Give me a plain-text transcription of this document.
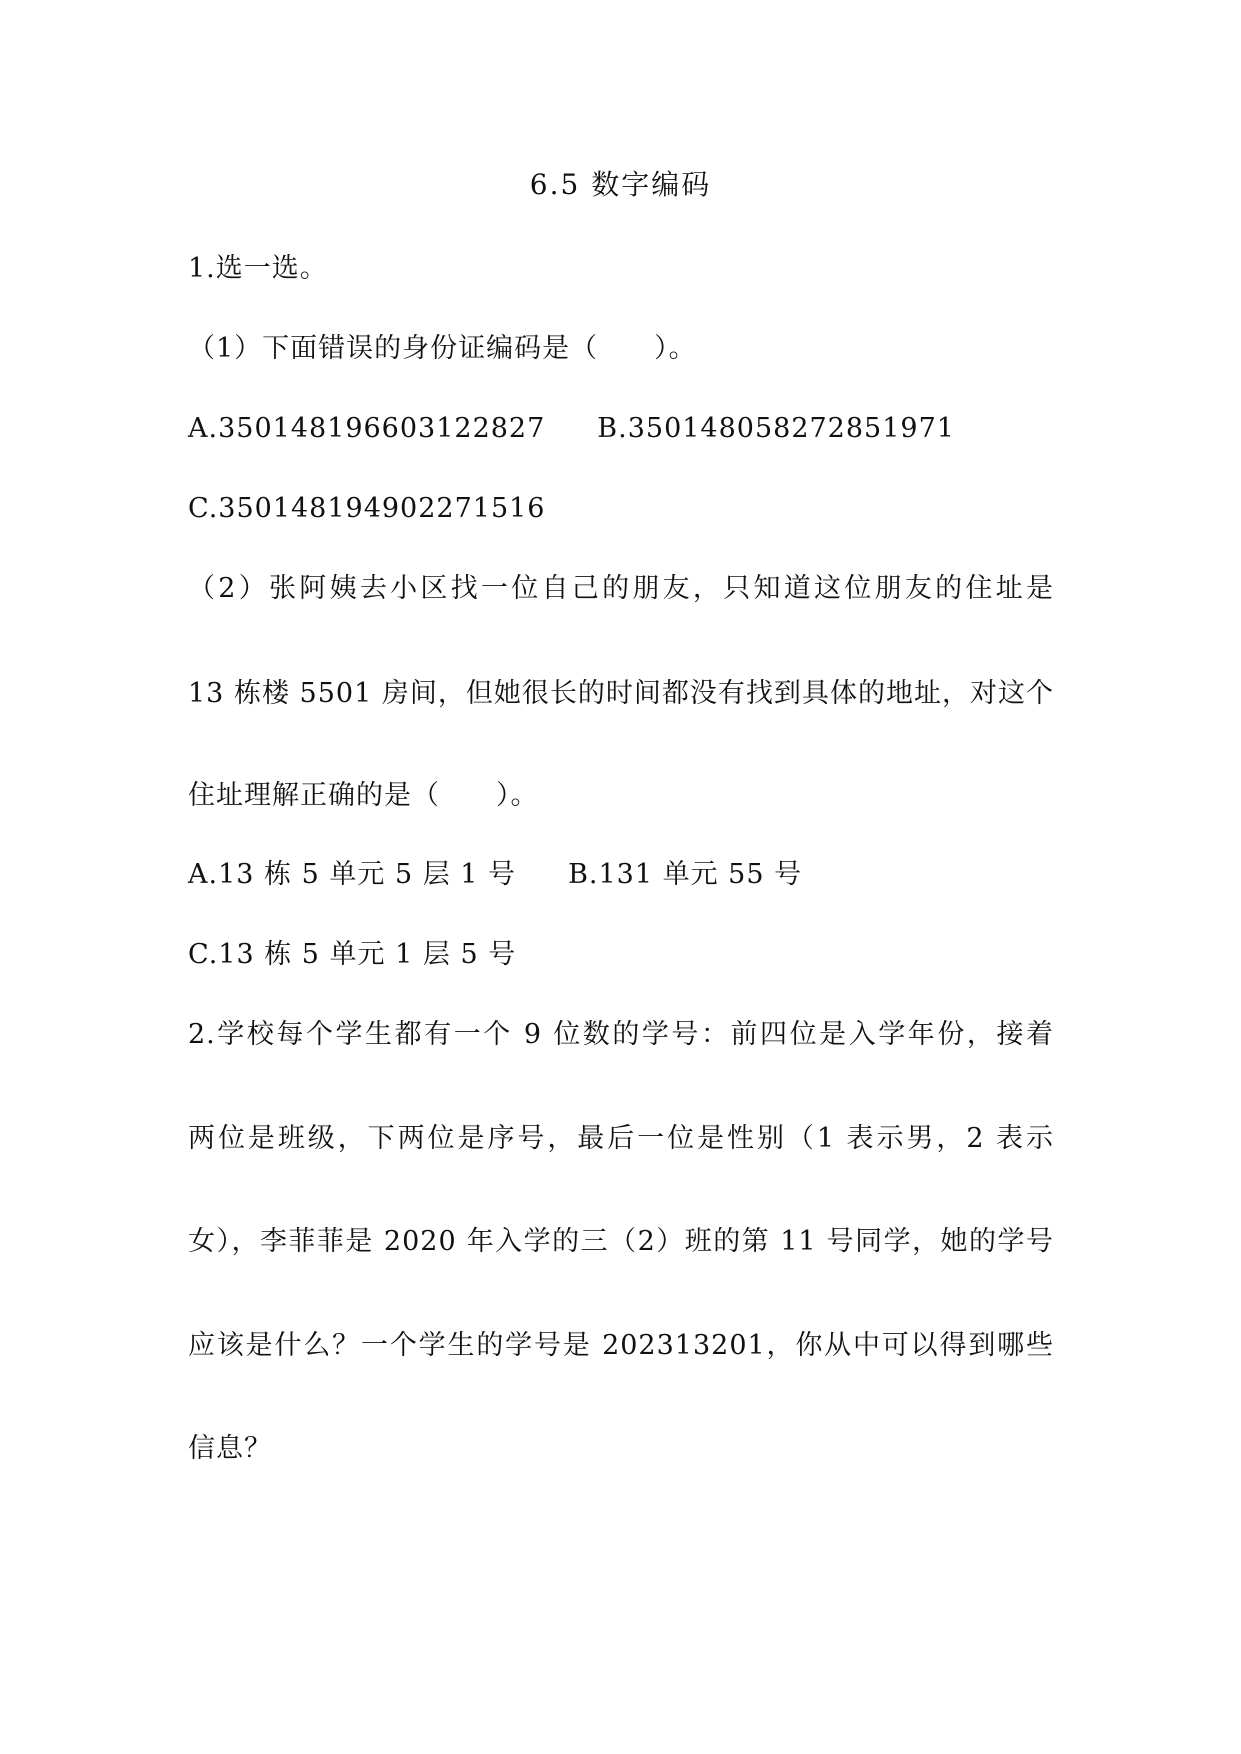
6.5 数字编码
1.选一选。
（1）下面错误的身份证编码是（　　）。
A.350148196603122827 B.350148058272851971
C.350148194902271516
（2）张阿姨去小区找一位自己的朋友，只知道这位朋友的住址是
13 栋楼 5501 房间，但她很长的时间都没有找到具体的地址，对这个
住址理解正确的是（　　）。
A.13 栋 5 单元 5 层 1 号 B.131 单元 55 号
C.13 栋 5 单元 1 层 5 号
2.学校每个学生都有一个 9 位数的学号：前四位是入学年份，接着
两位是班级，下两位是序号，最后一位是性别（1 表示男，2 表示
女），李菲菲是 2020 年入学的三（2）班的第 11 号同学，她的学号
应该是什么？一个学生的学号是 202313201，你从中可以得到哪些
信息？
